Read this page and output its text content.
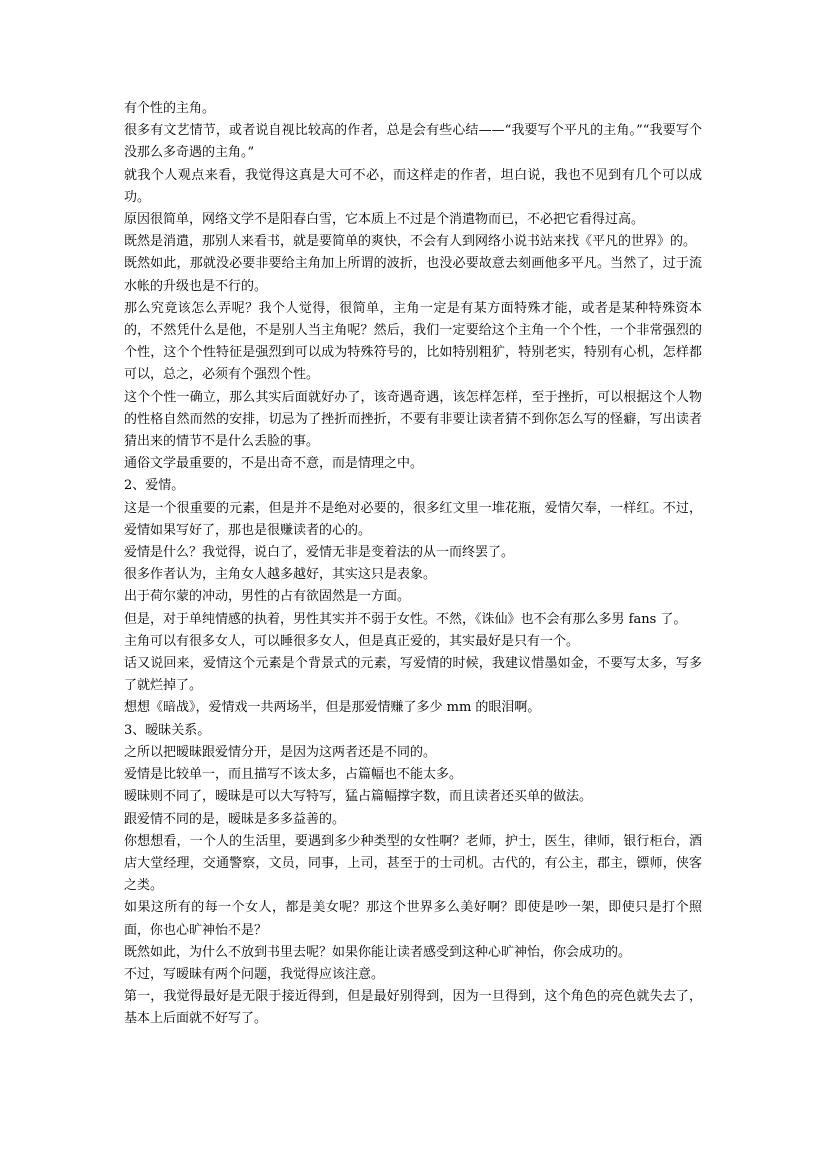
有个性的主角。

很多有文艺情节，或者说自视比较高的作者，总是会有些心结——“我要写个平凡的主角。”“我要写个没那么多奇遇的主角。”

就我个人观点来看，我觉得这真是大可不必，而这样走的作者，坦白说，我也不见到有几个可以成功。

原因很简单，网络文学不是阳春白雪，它本质上不过是个消遣物而已，不必把它看得过高。

既然是消遣，那别人来看书，就是要简单的爽快，不会有人到网络小说书站来找《平凡的世界》的。

既然如此，那就没必要非要给主角加上所谓的波折，也没必要故意去刻画他多平凡。当然了，过于流水帐的升级也是不行的。

那么究竟该怎么弄呢？我个人觉得，很简单，主角一定是有某方面特殊才能，或者是某种特殊资本的，不然凭什么是他，不是别人当主角呢？然后，我们一定要给这个主角一个个性，一个非常强烈的个性，这个个性特征是强烈到可以成为特殊符号的，比如特别粗犷，特别老实，特别有心机，怎样都可以，总之，必须有个强烈个性。

这个个性一确立，那么其实后面就好办了，该奇遇奇遇，该怎样怎样，至于挫折，可以根据这个人物的性格自然而然的安排，切忌为了挫折而挫折，不要有非要让读者猜不到你怎么写的怪癖，写出读者猜出来的情节不是什么丢脸的事。

通俗文学最重要的，不是出奇不意，而是情理之中。

2、爱情。

这是一个很重要的元素，但是并不是绝对必要的，很多红文里一堆花瓶，爱情欠奉，一样红。不过，爱情如果写好了，那也是很赚读者的心的。

爱情是什么？我觉得，说白了，爱情无非是变着法的从一而终罢了。

很多作者认为，主角女人越多越好，其实这只是表象。

出于荷尔蒙的冲动，男性的占有欲固然是一方面。

但是，对于单纯情感的执着，男性其实并不弱于女性。不然，《诛仙》也不会有那么多男 fans 了。

主角可以有很多女人，可以睡很多女人，但是真正爱的，其实最好是只有一个。

话又说回来，爱情这个元素是个背景式的元素，写爱情的时候，我建议惜墨如金，不要写太多，写多了就烂掉了。

想想《暗战》，爱情戏一共两场半，但是那爱情赚了多少 mm 的眼泪啊。

3、暧昧关系。

之所以把暧昧跟爱情分开，是因为这两者还是不同的。

爱情是比较单一，而且描写不该太多，占篇幅也不能太多。

暧昧则不同了，暧昧是可以大写特写，猛占篇幅撑字数，而且读者还买单的做法。

跟爱情不同的是，暧昧是多多益善的。

你想想看，一个人的生活里，要遇到多少种类型的女性啊？老师，护士，医生，律师，银行柜台，酒店大堂经理，交通警察，文员，同事，上司，甚至于的士司机。古代的，有公主，郡主，镖师，侠客之类。

如果这所有的每一个女人，都是美女呢？那这个世界多么美好啊？即使是吵一架，即使只是打个照面，你也心旷神怡不是？

既然如此，为什么不放到书里去呢？如果你能让读者感受到这种心旷神怡，你会成功的。

不过，写暧昧有两个问题，我觉得应该注意。

第一，我觉得最好是无限于接近得到，但是最好别得到，因为一旦得到，这个角色的亮色就失去了，基本上后面就不好写了。
